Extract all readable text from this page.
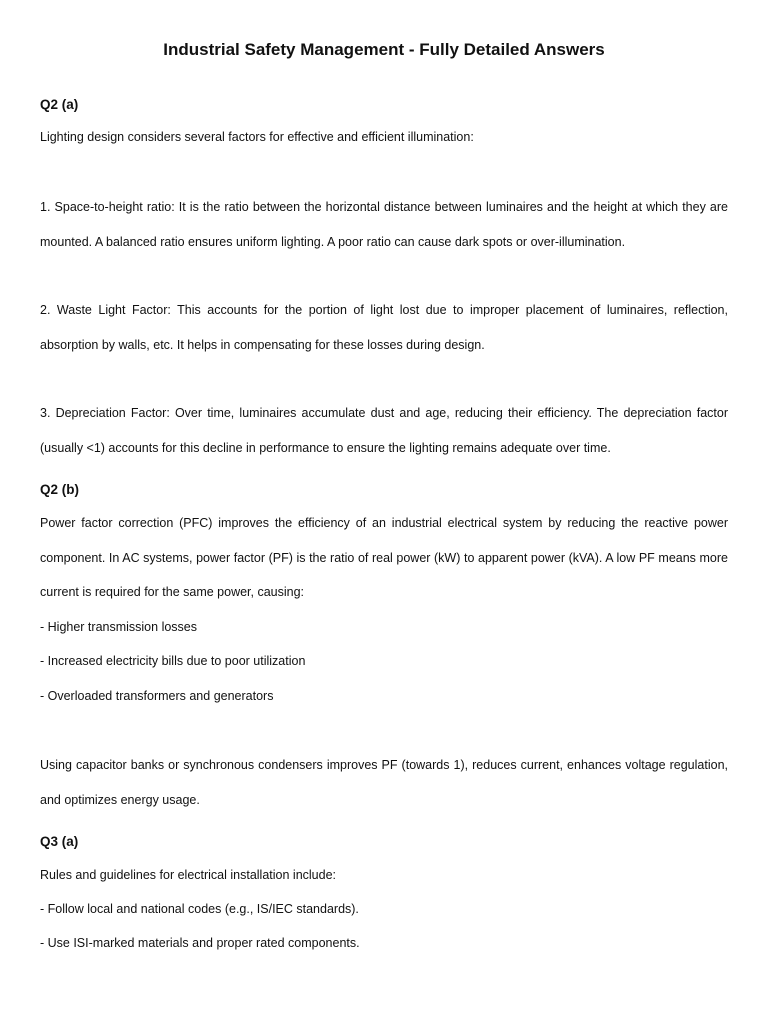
Industrial Safety Management - Fully Detailed Answers
Q2 (a)

Lighting design considers several factors for effective and efficient illumination:

1. Space-to-height ratio: It is the ratio between the horizontal distance between luminaires and the height at which they are mounted. A balanced ratio ensures uniform lighting. A poor ratio can cause dark spots or over-illumination.

2. Waste Light Factor: This accounts for the portion of light lost due to improper placement of luminaires, reflection, absorption by walls, etc. It helps in compensating for these losses during design.

3. Depreciation Factor: Over time, luminaires accumulate dust and age, reducing their efficiency. The depreciation factor (usually <1) accounts for this decline in performance to ensure the lighting remains adequate over time.

Q2 (b)

Power factor correction (PFC) improves the efficiency of an industrial electrical system by reducing the reactive power component. In AC systems, power factor (PF) is the ratio of real power (kW) to apparent power (kVA). A low PF means more current is required for the same power, causing:

- Higher transmission losses

- Increased electricity bills due to poor utilization

- Overloaded transformers and generators

Using capacitor banks or synchronous condensers improves PF (towards 1), reduces current, enhances voltage regulation, and optimizes energy usage.

Q3 (a)

Rules and guidelines for electrical installation include:

- Follow local and national codes (e.g., IS/IEC standards).

- Use ISI-marked materials and proper rated components.
